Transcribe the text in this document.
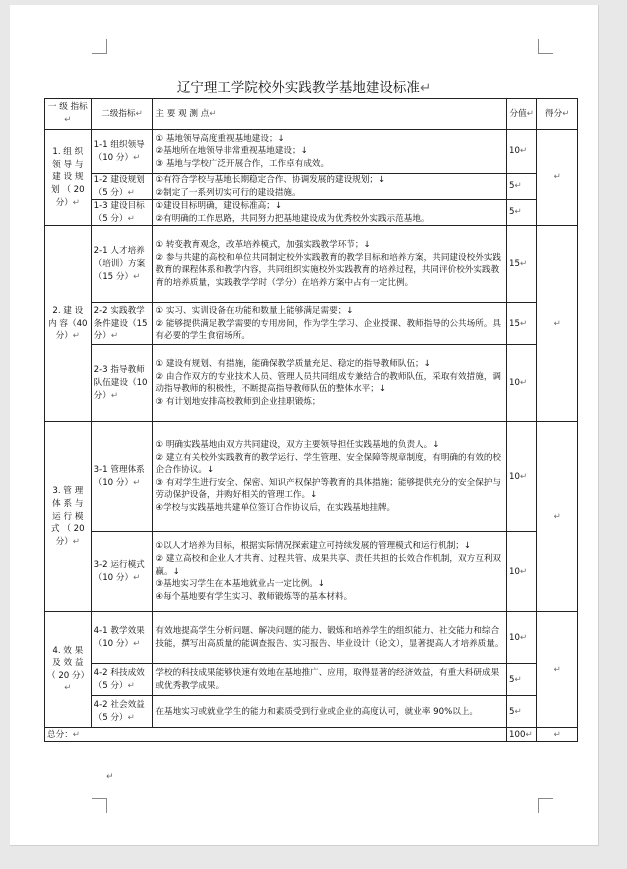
辽宁理工学院校外实践教学基地建设标准↵
一 级 指标↵	二级指标↵	主 要 观 测 点↵	分值↵	得分↵
1. 组 织 领 导 与 建 设 规 划 （ 20 分）↵	1-1 组织领导（10 分）↵	① 基地领导高度重视基地建设；↓
②基地所在地领导非常重视基地建设；↓
③ 基地与学校广泛开展合作，工作卓有成效。	10↵	↵
	1-2 建设规划（5 分）↵	①有符合学校与基地长期稳定合作、协调发展的建设规划；↓
②制定了一系列切实可行的建设措施。	5↵	
	1-3 建设目标（5 分）↵	①建设目标明确，建设标准高；↓
②有明确的工作思路，共同努力把基地建设成为优秀校外实践示范基地。	5↵	
2. 建 设 内 容（40 分）↵	2-1 人才培养（培训）方案（15 分）↵	① 转变教育观念，改革培养模式，加强实践教学环节；↓
② 参与共建的高校和单位共同制定校外实践教育的教学目标和培养方案，共同建设校外实践教育的课程体系和教学内容，共同组织实施校外实践教育的培养过程，共同评价校外实践教育的培养质量，实践教学学时（学分）在培养方案中占有一定比例。	15↵	↵
	2-2 实践教学条件建设（15 分）↵	① 实习、实训设备在功能和数量上能够满足需要；↓
② 能够提供满足教学需要的专用房间，作为学生学习、企业授课、教师指导的公共场所。具有必要的学生食宿场所。	15↵	
	2-3 指导教师队伍建设（10 分）↵	① 建设有规划、有措施，能确保教学质量充足、稳定的指导教师队伍；↓
② 由合作双方的专业技术人员、管理人员共同组成专兼结合的教师队伍，采取有效措施，调动指导教师的积极性，不断提高指导教师队伍的整体水平；↓
③ 有计划地安排高校教师到企业挂职锻炼；	10↵	
3. 管 理 体 系 与 运 行 模 式 （ 20 分）↵	3-1 管理体系（10 分）↵	① 明确实践基地由双方共同建设，双方主要领导担任实践基地的负责人。↓
② 建立有关校外实践教育的教学运行、学生管理、安全保障等规章制度，有明确的有效的校企合作协议。↓
③ 有对学生进行安全、保密、知识产权保护等教育的具体措施；能够提供充分的安全保护与劳动保护设备，并购好相关的管理工作。↓
④学校与实践基地共建单位签订合作协议后，在实践基地挂牌。	10↵	↵
	3-2 运行模式（10 分）↵	①以人才培养为目标，根据实际情况探索建立可持续发展的管理模式和运行机制；↓
② 建立高校和企业人才共育、过程共管、成果共享、责任共担的长效合作机制，双方互利双赢。↓
③基地实习学生在本基地就业占一定比例。↓
④每个基地要有学生实习、教师锻炼等的基本材料。	10↵	
4. 效 果 及 效 益 （ 20 分）↵	4-1 教学效果（10 分）↵	有效地提高学生分析问题、解决问题的能力、锻炼和培养学生的组织能力、社交能力和综合技能，撰写出高质量的能调查报告、实习报告、毕业设计（论文），显著提高人才培养质量。	10↵	↵
	4-2 科技成效（5 分）↵	学校的科技成果能够快速有效地在基地推广、应用，取得显著的经济效益，有重大科研成果或优秀教学成果。	5↵	
	4-2 社会效益（5 分）↵	在基地实习或就业学生的能力和素质受到行业或企业的高度认可，就业率 90%以上。	5↵	
总分：↵			100↵	↵
↵
